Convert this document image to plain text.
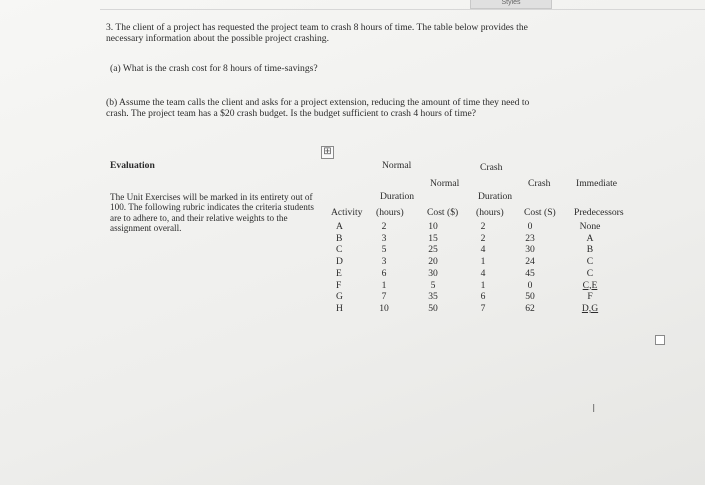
Styles
3. The client of a project has requested the project team to crash 8 hours of time. The table below provides the
necessary information about the possible project crashing.
(a) What is the crash cost for 8 hours of time-savings?
(b) Assume the team calls the client and asks for a project extension, reducing the amount of time they need to
crash. The project team has a $20 crash budget. Is the budget sufficient to crash 4 hours of time?
⊞
Evaluation
The Unit Exercises will be marked in its entirety out of 100. The following rubric indicates the criteria students are to adhere to, and their relative weights to the assignment overall.
Normal	Crash
Normal	Crash	Immediate
Duration	Duration
Activity (hours) Cost ($) (hours) Cost (S) Predecessors
A	2	10	2	0	None
B	3	15	2	23	A
C	5	25	4	30	B
D	3	20	1	24	C
E	6	30	4	45	C
F	1	5	1	0	C,E
G	7	35	6	50	F
H	10	50	7	62	D,G
I
